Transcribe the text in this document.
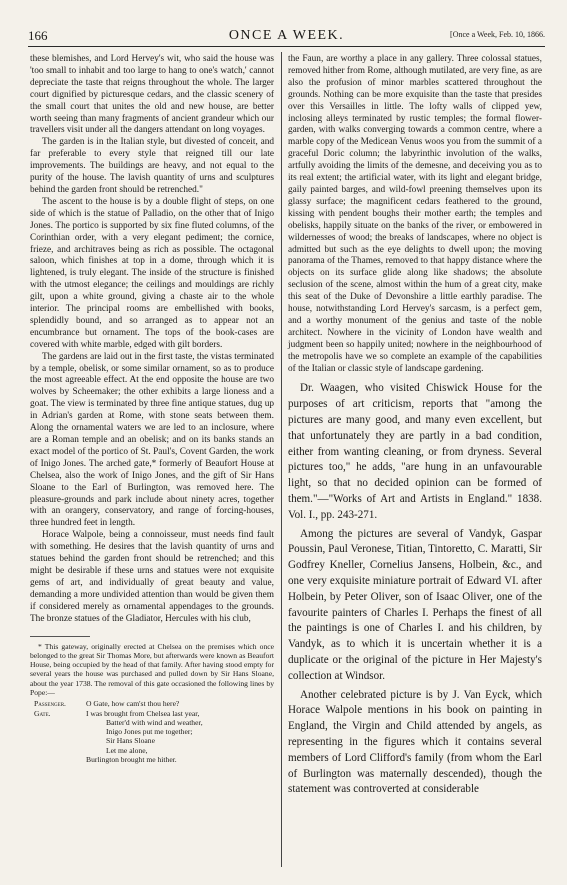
166	ONCE A WEEK.	[Once a Week, Feb. 10, 1866.

these blemishes, and Lord Hervey's wit, who said the house was 'too small to inhabit and too large to hang to one's watch,' cannot depreciate the taste that reigns throughout the whole. The larger court dignified by picturesque cedars, and the classic scenery of the small court that unites the old and new house, are better worth seeing than many fragments of ancient grandeur which our travellers visit under all the dangers attendant on long voyages.

The garden is in the Italian style, but divested of conceit, and far preferable to every style that reigned till our late improvements. The buildings are heavy, and not equal to the purity of the house. The lavish quantity of urns and sculptures behind the garden front should be retrenched."

The ascent to the house is by a double flight of steps, on one side of which is the statue of Palladio, on the other that of Inigo Jones. The portico is supported by six fine fluted columns, of the Corinthian order, with a very elegant pediment; the cornice, frieze, and architraves being as rich as possible. The octagonal saloon, which finishes at top in a dome, through which it is lightened, is truly elegant. The inside of the structure is finished with the utmost elegance; the ceilings and mouldings are richly gilt, upon a white ground, giving a chaste air to the whole interior. The principal rooms are embellished with books, splendidly bound, and so arranged as to appear not an encumbrance but ornament. The tops of the book-cases are covered with white marble, edged with gilt borders.

The gardens are laid out in the first taste, the vistas terminated by a temple, obelisk, or some similar ornament, so as to produce the most agreeable effect. At the end opposite the house are two wolves by Scheemaker; the other exhibits a large lioness and a goat. The view is terminated by three fine antique statues, dug up in Adrian's garden at Rome, with stone seats between them. Along the ornamental waters we are led to an inclosure, where are a Roman temple and an obelisk; and on its banks stands an exact model of the portico of St. Paul's, Covent Garden, the work of Inigo Jones. The arched gate,* formerly of Beaufort House at Chelsea, also the work of Inigo Jones, and the gift of Sir Hans Sloane to the Earl of Burlington, was removed here. The pleasure-grounds and park include about ninety acres, together with an orangery, conservatory, and range of forcing-houses, three hundred feet in length.

Horace Walpole, being a connoisseur, must needs find fault with something. He desires that the lavish quantity of urns and statues behind the garden front should be retrenched; and this might be desirable if these urns and statues were not exquisite gems of art, and individually of great beauty and value, demanding a more undivided attention than would be given them if considered merely as ornamental appendages to the grounds. The bronze statues of the Gladiator, Hercules with his club,

* This gateway, originally erected at Chelsea on the premises which once belonged to the great Sir Thomas More, but afterwards were known as Beaufort House, being occupied by the head of that family. After having stood empty for several years the house was purchased and pulled down by Sir Hans Sloane, about the year 1738. The removal of this gate occasioned the following lines by Pope:—

Passenger.	O Gate, how cam'st thou here?
Gate.	I was brought from Chelsea last year,
Batter'd with wind and weather,
Inigo Jones put me together;
Sir Hans Sloane
Let me alone,
Burlington brought me hither.

the Faun, are worthy a place in any gallery. Three colossal statues, removed hither from Rome, although mutilated, are very fine, as are also the profusion of minor marbles scattered throughout the grounds. Nothing can be more exquisite than the taste that presides over this Versailles in little. The lofty walls of clipped yew, inclosing alleys terminated by rustic temples; the formal flower-garden, with walks converging towards a common centre, where a marble copy of the Medicean Venus woos you from the summit of a graceful Doric column; the labyrinthic involution of the walks, artfully avoiding the limits of the demesne, and deceiving you as to its real extent; the artificial water, with its light and elegant bridge, gaily painted barges, and wild-fowl preening themselves upon its glassy surface; the magnificent cedars feathered to the ground, kissing with pendent boughs their mother earth; the temples and obelisks, happily situate on the banks of the river, or embowered in wildernesses of wood; the breaks of landscapes, where no object is admitted but such as the eye delights to dwell upon; the moving panorama of the Thames, removed to that happy distance where the objects on its surface glide along like shadows; the absolute seclusion of the scene, almost within the hum of a great city, make this seat of the Duke of Devonshire a little earthly paradise. The house, notwithstanding Lord Hervey's sarcasm, is a perfect gem, and a worthy monument of the genius and taste of the noble architect. Nowhere in the vicinity of London have wealth and judgment been so happily united; nowhere in the neighbourhood of the metropolis have we so complete an example of the capabilities of the Italian or classic style of landscape gardening.

Dr. Waagen, who visited Chiswick House for the purposes of art criticism, reports that "among the pictures are many good, and many even excellent, but that unfortunately they are partly in a bad condition, either from wanting cleaning, or from dryness. Several pictures too," he adds, "are hung in an unfavourable light, so that no decided opinion can be formed of them."—"Works of Art and Artists in England." 1838. Vol. I., pp. 243-271.

Among the pictures are several of Vandyk, Gaspar Poussin, Paul Veronese, Titian, Tintoretto, C. Maratti, Sir Godfrey Kneller, Cornelius Jansens, Holbein, &c., and one very exquisite miniature portrait of Edward VI. after Holbein, by Peter Oliver, son of Isaac Oliver, one of the favourite painters of Charles I. Perhaps the finest of all the paintings is one of Charles I. and his children, by Vandyk, as to which it is uncertain whether it is a duplicate or the original of the picture in Her Majesty's collection at Windsor.

Another celebrated picture is by J. Van Eyck, which Horace Walpole mentions in his book on painting in England, the Virgin and Child attended by angels, as representing in the figures which it contains several members of Lord Clifford's family (from whom the Earl of Burlington was maternally descended), though the statement was controverted at considerable
